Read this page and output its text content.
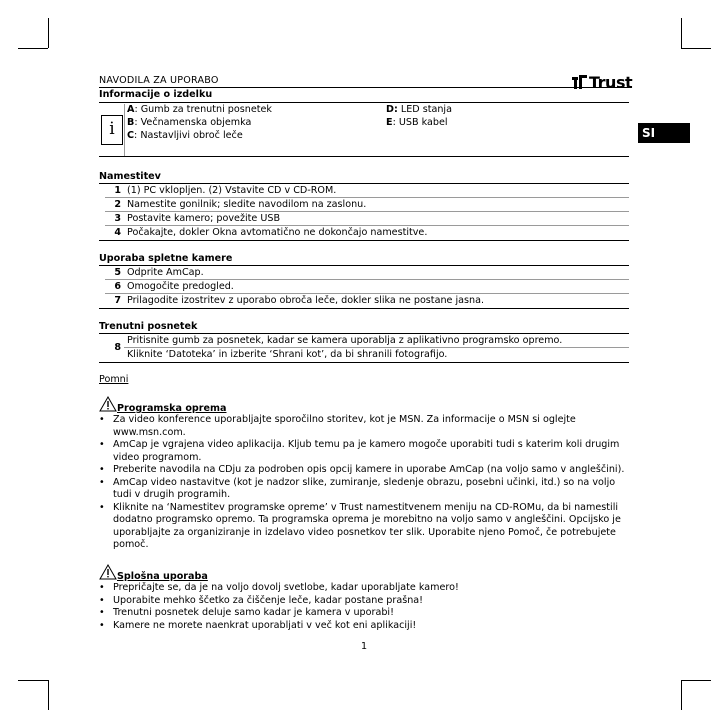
NAVODILA ZA UPORABO	Trust
SI
Informacije o izdelku
i
A: Gumb za trenutni posnetek
B: Večnamenska objemka
C: Nastavljivi obroč leče
D: LED stanja
E: USB kabel
Namestitev
1 (1) PC vklopljen. (2) Vstavite CD v CD-ROM.
2 Namestite gonilnik; sledite navodilom na zaslonu.
3 Postavite kamero; povežite USB
4 Počakajte, dokler Okna avtomatično ne dokončajo namestitve.
Uporaba spletne kamere
5 Odprite AmCap.
6 Omogočite predogled.
7 Prilagodite izostritev z uporabo obroča leče, dokler slika ne postane jasna.
Trenutni posnetek
8
Pritisnite gumb za posnetek, kadar se kamera uporablja z aplikativno programsko opremo.
Kliknite ‘Datoteka’ in izberite ‘Shrani kot’, da bi shranili fotografijo.
Pomni
Programska oprema
• Za video konference uporabljajte sporočilno storitev, kot je MSN. Za informacije o MSN si oglejte www.msn.com.
• AmCap je vgrajena video aplikacija. Kljub temu pa je kamero mogoče uporabiti tudi s katerim koli drugim video programom.
• Preberite navodila na CDju za podroben opis opcij kamere in uporabe AmCap (na voljo samo v angleščini).
• AmCap video nastavitve (kot je nadzor slike, zumiranje, sledenje obrazu, posebni učinki, itd.) so na voljo tudi v drugih programih.
• Kliknite na ‘Namestitev programske opreme’ v Trust namestitvenem meniju na CD-ROMu, da bi namestili dodatno programsko opremo. Ta programska oprema je morebitno na voljo samo v angleščini. Opcijsko je uporabljajte za organiziranje in izdelavo video posnetkov ter slik. Uporabite njeno Pomoč, če potrebujete pomoč.
Splošna uporaba
• Prepričajte se, da je na voljo dovolj svetlobe, kadar uporabljate kamero!
• Uporabite mehko ščetko za čiščenje leče, kadar postane prašna!
• Trenutni posnetek deluje samo kadar je kamera v uporabi!
• Kamere ne morete naenkrat uporabljati v več kot eni aplikaciji!
1
